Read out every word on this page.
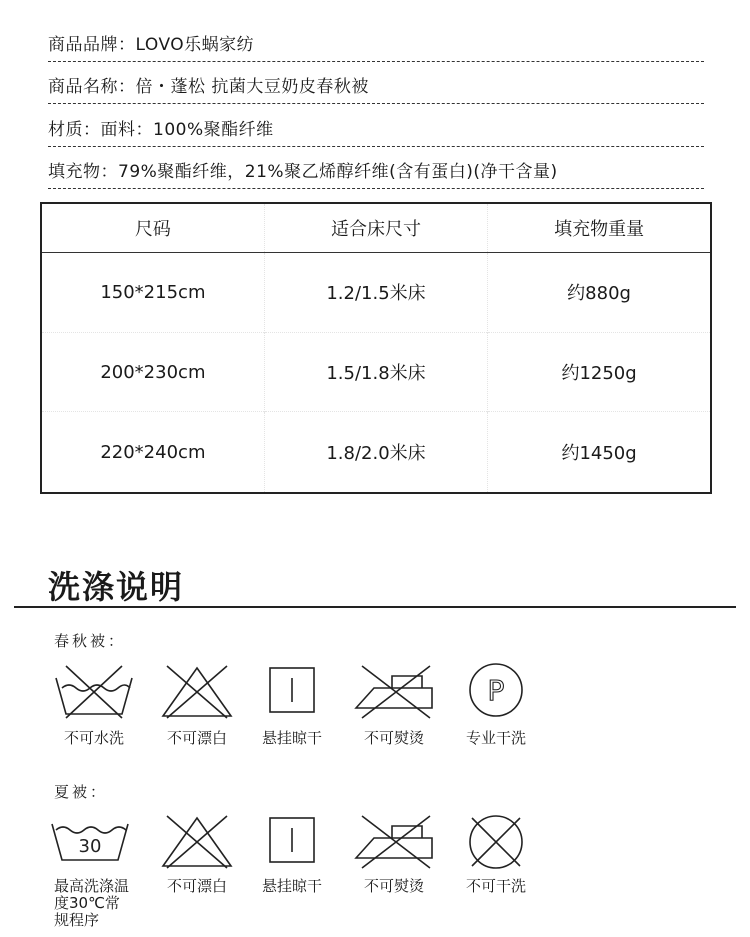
商品品牌：LOVO乐蜗家纺
商品名称：倍・蓬松 抗菌大豆奶皮春秋被
材质：面料：100%聚酯纤维
填充物：79%聚酯纤维，21%聚乙烯醇纤维(含有蛋白)(净干含量)
尺码	适合床尺寸	填充物重量
150*215cm	1.2/1.5米床	约880g
200*230cm	1.5/1.8米床	约1250g
220*240cm	1.8/2.0米床	约1450g
洗涤说明
春秋被：
不可水洗	不可漂白	悬挂晾干	不可熨烫
P
专业干洗
夏被：
30
最高洗涤温度30℃常规程序
不可漂白	悬挂晾干	不可熨烫	不可干洗
